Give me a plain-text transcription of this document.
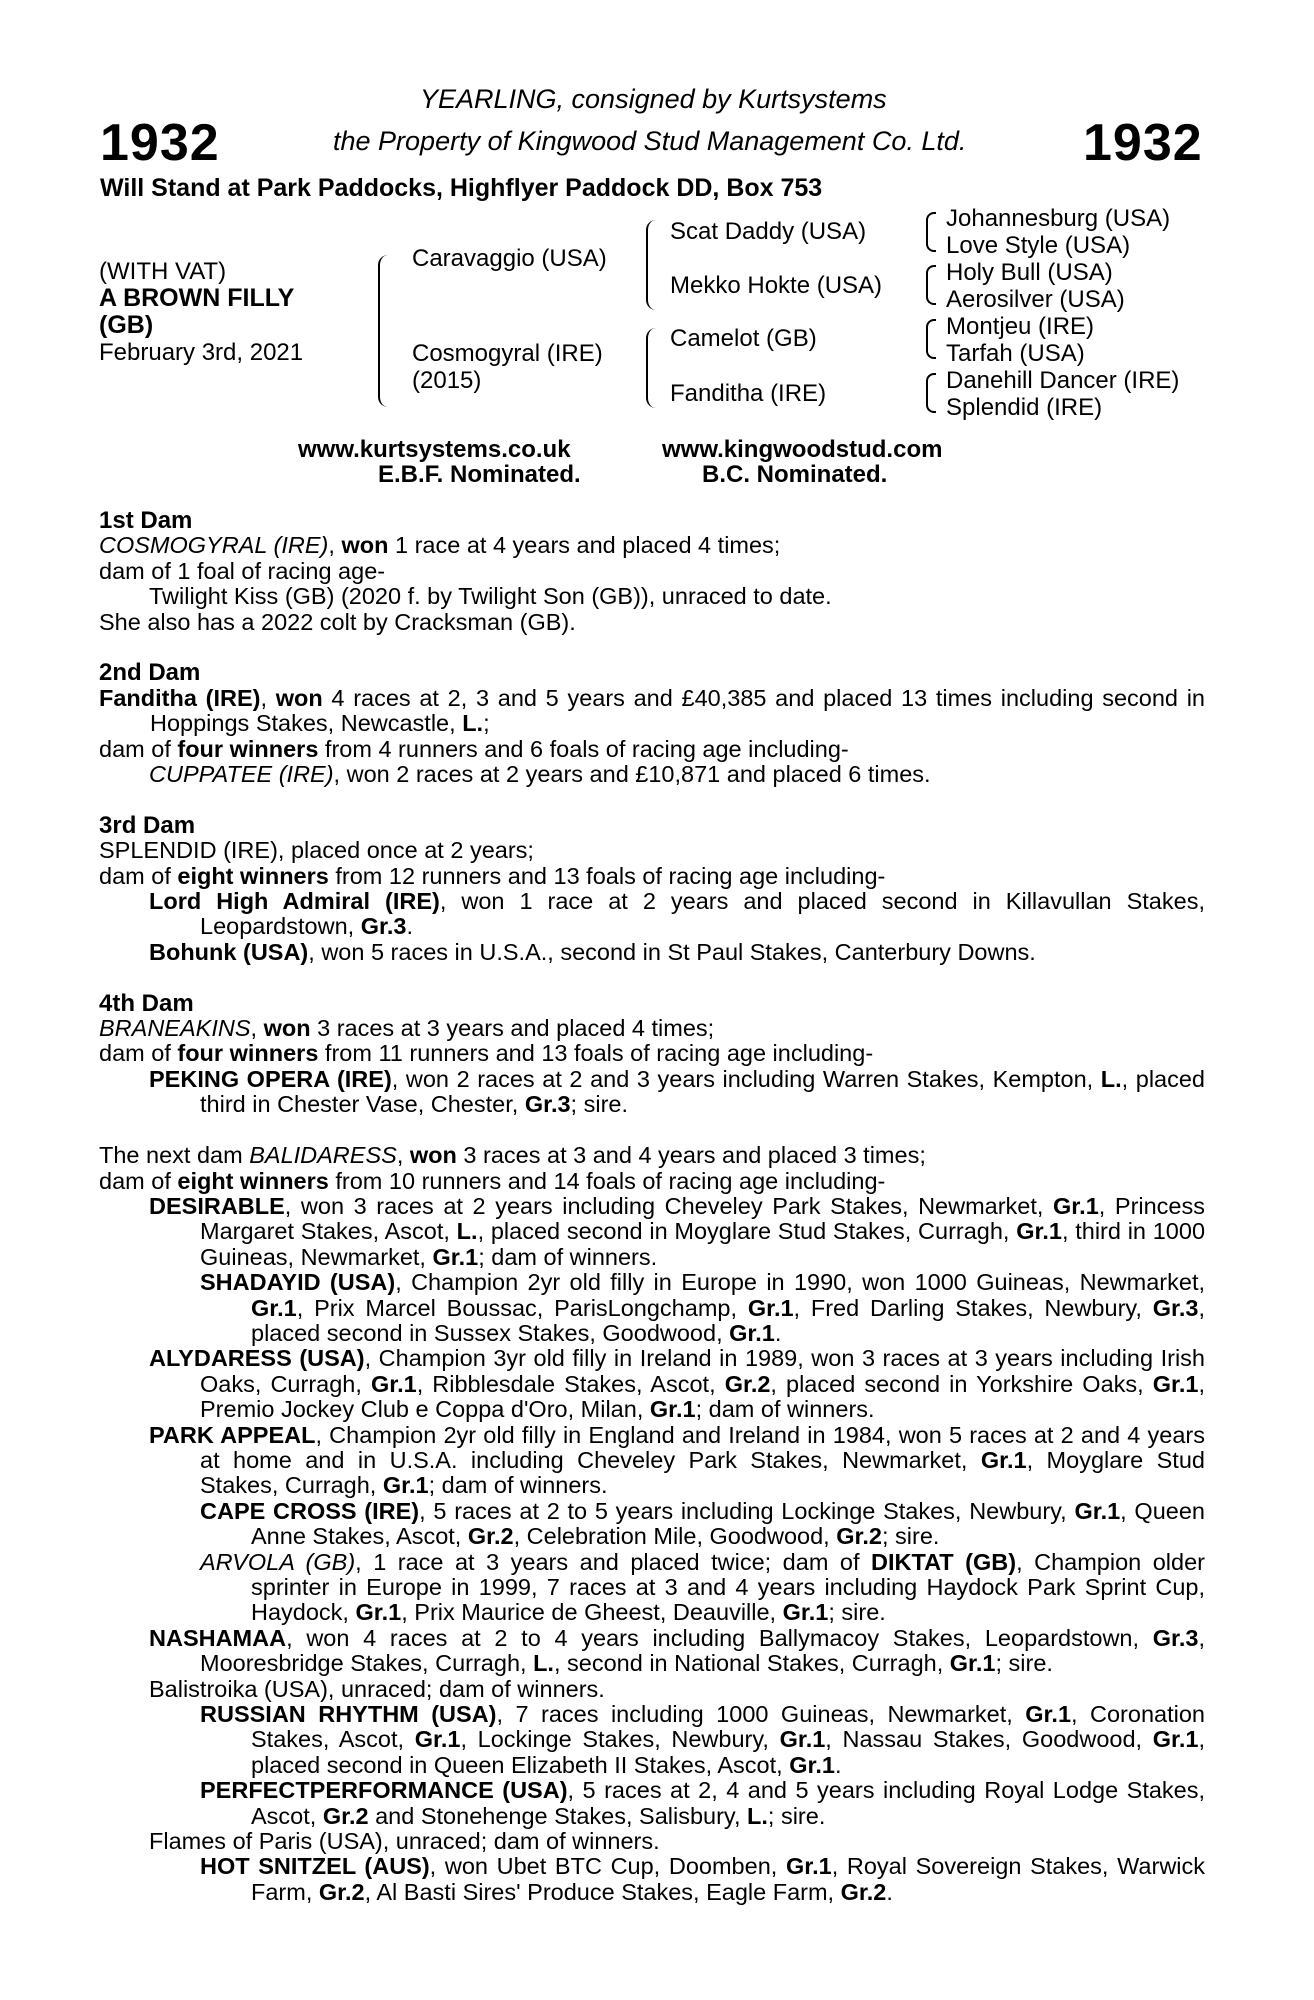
1932	1932
YEARLING, consigned by Kurtsystems
the Property of Kingwood Stud Management Co. Ltd.
Will Stand at Park Paddocks, Highflyer Paddock DD, Box 753
(WITH VAT)
A BROWN FILLY
(GB)
February 3rd, 2021
Caravaggio (USA)
Cosmogyral (IRE)
(2015)
Scat Daddy (USA)
Mekko Hokte (USA)
Camelot (GB)
Fanditha (IRE)
Johannesburg (USA)
Love Style (USA)
Holy Bull (USA)
Aerosilver (USA)
Montjeu (IRE)
Tarfah (USA)
Danehill Dancer (IRE)
Splendid (IRE)
www.kurtsystems.co.uk	www.kingwoodstud.com
E.B.F. Nominated.	B.C. Nominated.
1st Dam
COSMOGYRAL (IRE), won 1 race at 4 years and placed 4 times;
dam of 1 foal of racing age-
Twilight Kiss (GB) (2020 f. by Twilight Son (GB)), unraced to date.
She also has a 2022 colt by Cracksman (GB).
2nd Dam
Fanditha (IRE), won 4 races at 2, 3 and 5 years and £40,385 and placed 13 times including second in Hoppings Stakes, Newcastle, L.;
dam of four winners from 4 runners and 6 foals of racing age including-
CUPPATEE (IRE), won 2 races at 2 years and £10,871 and placed 6 times.
3rd Dam
SPLENDID (IRE), placed once at 2 years;
dam of eight winners from 12 runners and 13 foals of racing age including-
Lord High Admiral (IRE), won 1 race at 2 years and placed second in Killavullan Stakes, Leopardstown, Gr.3.
Bohunk (USA), won 5 races in U.S.A., second in St Paul Stakes, Canterbury Downs.
4th Dam
BRANEAKINS, won 3 races at 3 years and placed 4 times;
dam of four winners from 11 runners and 13 foals of racing age including-
PEKING OPERA (IRE), won 2 races at 2 and 3 years including Warren Stakes, Kempton, L., placed third in Chester Vase, Chester, Gr.3; sire.
The next dam BALIDARESS, won 3 races at 3 and 4 years and placed 3 times;
dam of eight winners from 10 runners and 14 foals of racing age including-
DESIRABLE, won 3 races at 2 years including Cheveley Park Stakes, Newmarket, Gr.1, Princess Margaret Stakes, Ascot, L., placed second in Moyglare Stud Stakes, Curragh, Gr.1, third in 1000 Guineas, Newmarket, Gr.1; dam of winners.
SHADAYID (USA), Champion 2yr old filly in Europe in 1990, won 1000 Guineas, Newmarket, Gr.1, Prix Marcel Boussac, ParisLongchamp, Gr.1, Fred Darling Stakes, Newbury, Gr.3, placed second in Sussex Stakes, Goodwood, Gr.1.
ALYDARESS (USA), Champion 3yr old filly in Ireland in 1989, won 3 races at 3 years including Irish Oaks, Curragh, Gr.1, Ribblesdale Stakes, Ascot, Gr.2, placed second in Yorkshire Oaks, Gr.1, Premio Jockey Club e Coppa d'Oro, Milan, Gr.1; dam of winners.
PARK APPEAL, Champion 2yr old filly in England and Ireland in 1984, won 5 races at 2 and 4 years at home and in U.S.A. including Cheveley Park Stakes, Newmarket, Gr.1, Moyglare Stud Stakes, Curragh, Gr.1; dam of winners.
CAPE CROSS (IRE), 5 races at 2 to 5 years including Lockinge Stakes, Newbury, Gr.1, Queen Anne Stakes, Ascot, Gr.2, Celebration Mile, Goodwood, Gr.2; sire.
ARVOLA (GB), 1 race at 3 years and placed twice; dam of DIKTAT (GB), Champion older sprinter in Europe in 1999, 7 races at 3 and 4 years including Haydock Park Sprint Cup, Haydock, Gr.1, Prix Maurice de Gheest, Deauville, Gr.1; sire.
NASHAMAA, won 4 races at 2 to 4 years including Ballymacoy Stakes, Leopardstown, Gr.3, Mooresbridge Stakes, Curragh, L., second in National Stakes, Curragh, Gr.1; sire.
Balistroika (USA), unraced; dam of winners.
RUSSIAN RHYTHM (USA), 7 races including 1000 Guineas, Newmarket, Gr.1, Coronation Stakes, Ascot, Gr.1, Lockinge Stakes, Newbury, Gr.1, Nassau Stakes, Goodwood, Gr.1, placed second in Queen Elizabeth II Stakes, Ascot, Gr.1.
PERFECTPERFORMANCE (USA), 5 races at 2, 4 and 5 years including Royal Lodge Stakes, Ascot, Gr.2 and Stonehenge Stakes, Salisbury, L.; sire.
Flames of Paris (USA), unraced; dam of winners.
HOT SNITZEL (AUS), won Ubet BTC Cup, Doomben, Gr.1, Royal Sovereign Stakes, Warwick Farm, Gr.2, Al Basti Sires' Produce Stakes, Eagle Farm, Gr.2.
